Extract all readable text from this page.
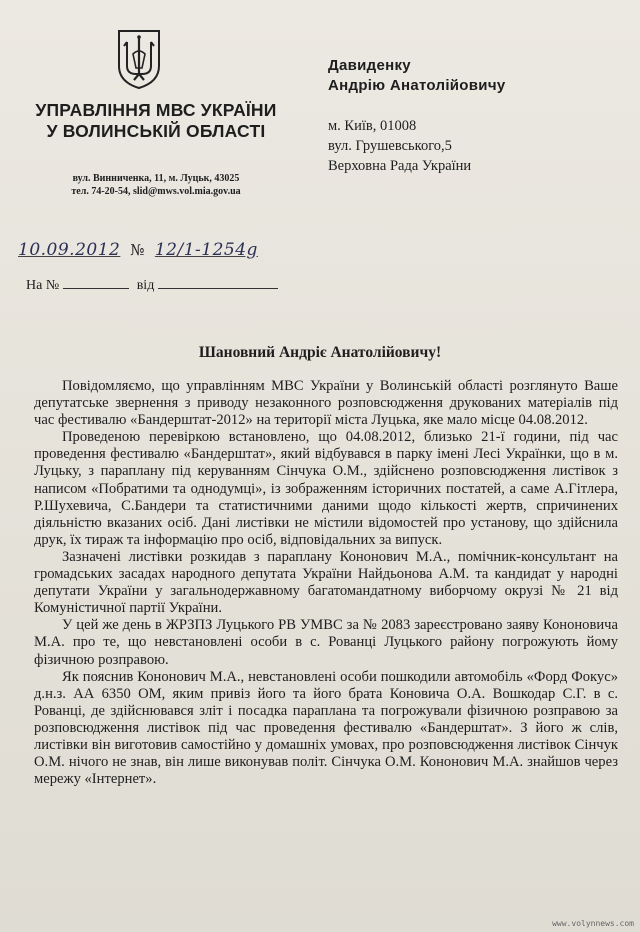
УПРАВЛІННЯ МВС УКРАЇНИ
У ВОЛИНСЬКІЙ ОБЛАСТІ
вул. Винниченка, 11, м. Луцьк, 43025
тел. 74-20-54, slid@mws.vol.mia.gov.ua
Давиденку
Андрію Анатолійовичу
м. Київ, 01008
вул. Грушевського,5
Верховна Рада України
10.09.2012 № 12/1-1254g
На №	від
Шановний Андріє Анатолійовичу!

Повідомляємо, що управлінням МВС України у Волинській області розглянуто Ваше депутатське звернення з приводу незаконного розповсюдження друкованих матеріалів під час фестивалю «Бандерштат-2012» на території міста Луцька, яке мало місце 04.08.2012.

Проведеною перевіркою встановлено, що 04.08.2012, близько 21-ї години, під час проведення фестивалю «Бандерштат», який відбувався в парку імені Лесі Українки, що в м. Луцьку, з параплану під керуванням Сінчука О.М., здійснено розповсюдження листівок з написом «Побратими та однодумці», із зображенням історичних постатей, а саме А.Гітлера, Р.Шухевича, С.Бандери та статистичними даними щодо кількості жертв, спричинених діяльністю вказаних осіб. Дані листівки не містили відомостей про установу, що здійснила друк, їх тираж та інформацію про осіб, відповідальних за випуск.

Зазначені листівки розкидав з параплану Кононович М.А., помічник-консультант на громадських засадах народного депутата України Найдьонова А.М. та кандидат у народні депутати України у загальнодержавному багатомандатному виборчому окрузі № 21 від Комуністичної партії України.

У цей же день в ЖРЗПЗ Луцького РВ УМВС за № 2083 зареєстровано заяву Кононовича М.А. про те, що невстановлені особи в с. Рованці Луцького району погрожують йому фізичною розправою.

Як пояснив Кононович М.А., невстановлені особи пошкодили автомобіль «Форд Фокус» д.н.з. АА 6350 ОМ, яким привіз його та його брата Коновича О.А. Вошкодар С.Г. в с. Рованці, де здійснювався зліт і посадка параплана та погрожували фізичною розправою за розповсюдження листівок під час проведення фестивалю «Бандерштат». З його ж слів, листівки він виготовив самостійно у домашніх умовах, про розповсюдження листівок Сінчук О.М. нічого не знав, він лише виконував політ. Сінчука О.М. Кононович М.А. знайшов через мережу «Інтернет».

www.volynnews.com
